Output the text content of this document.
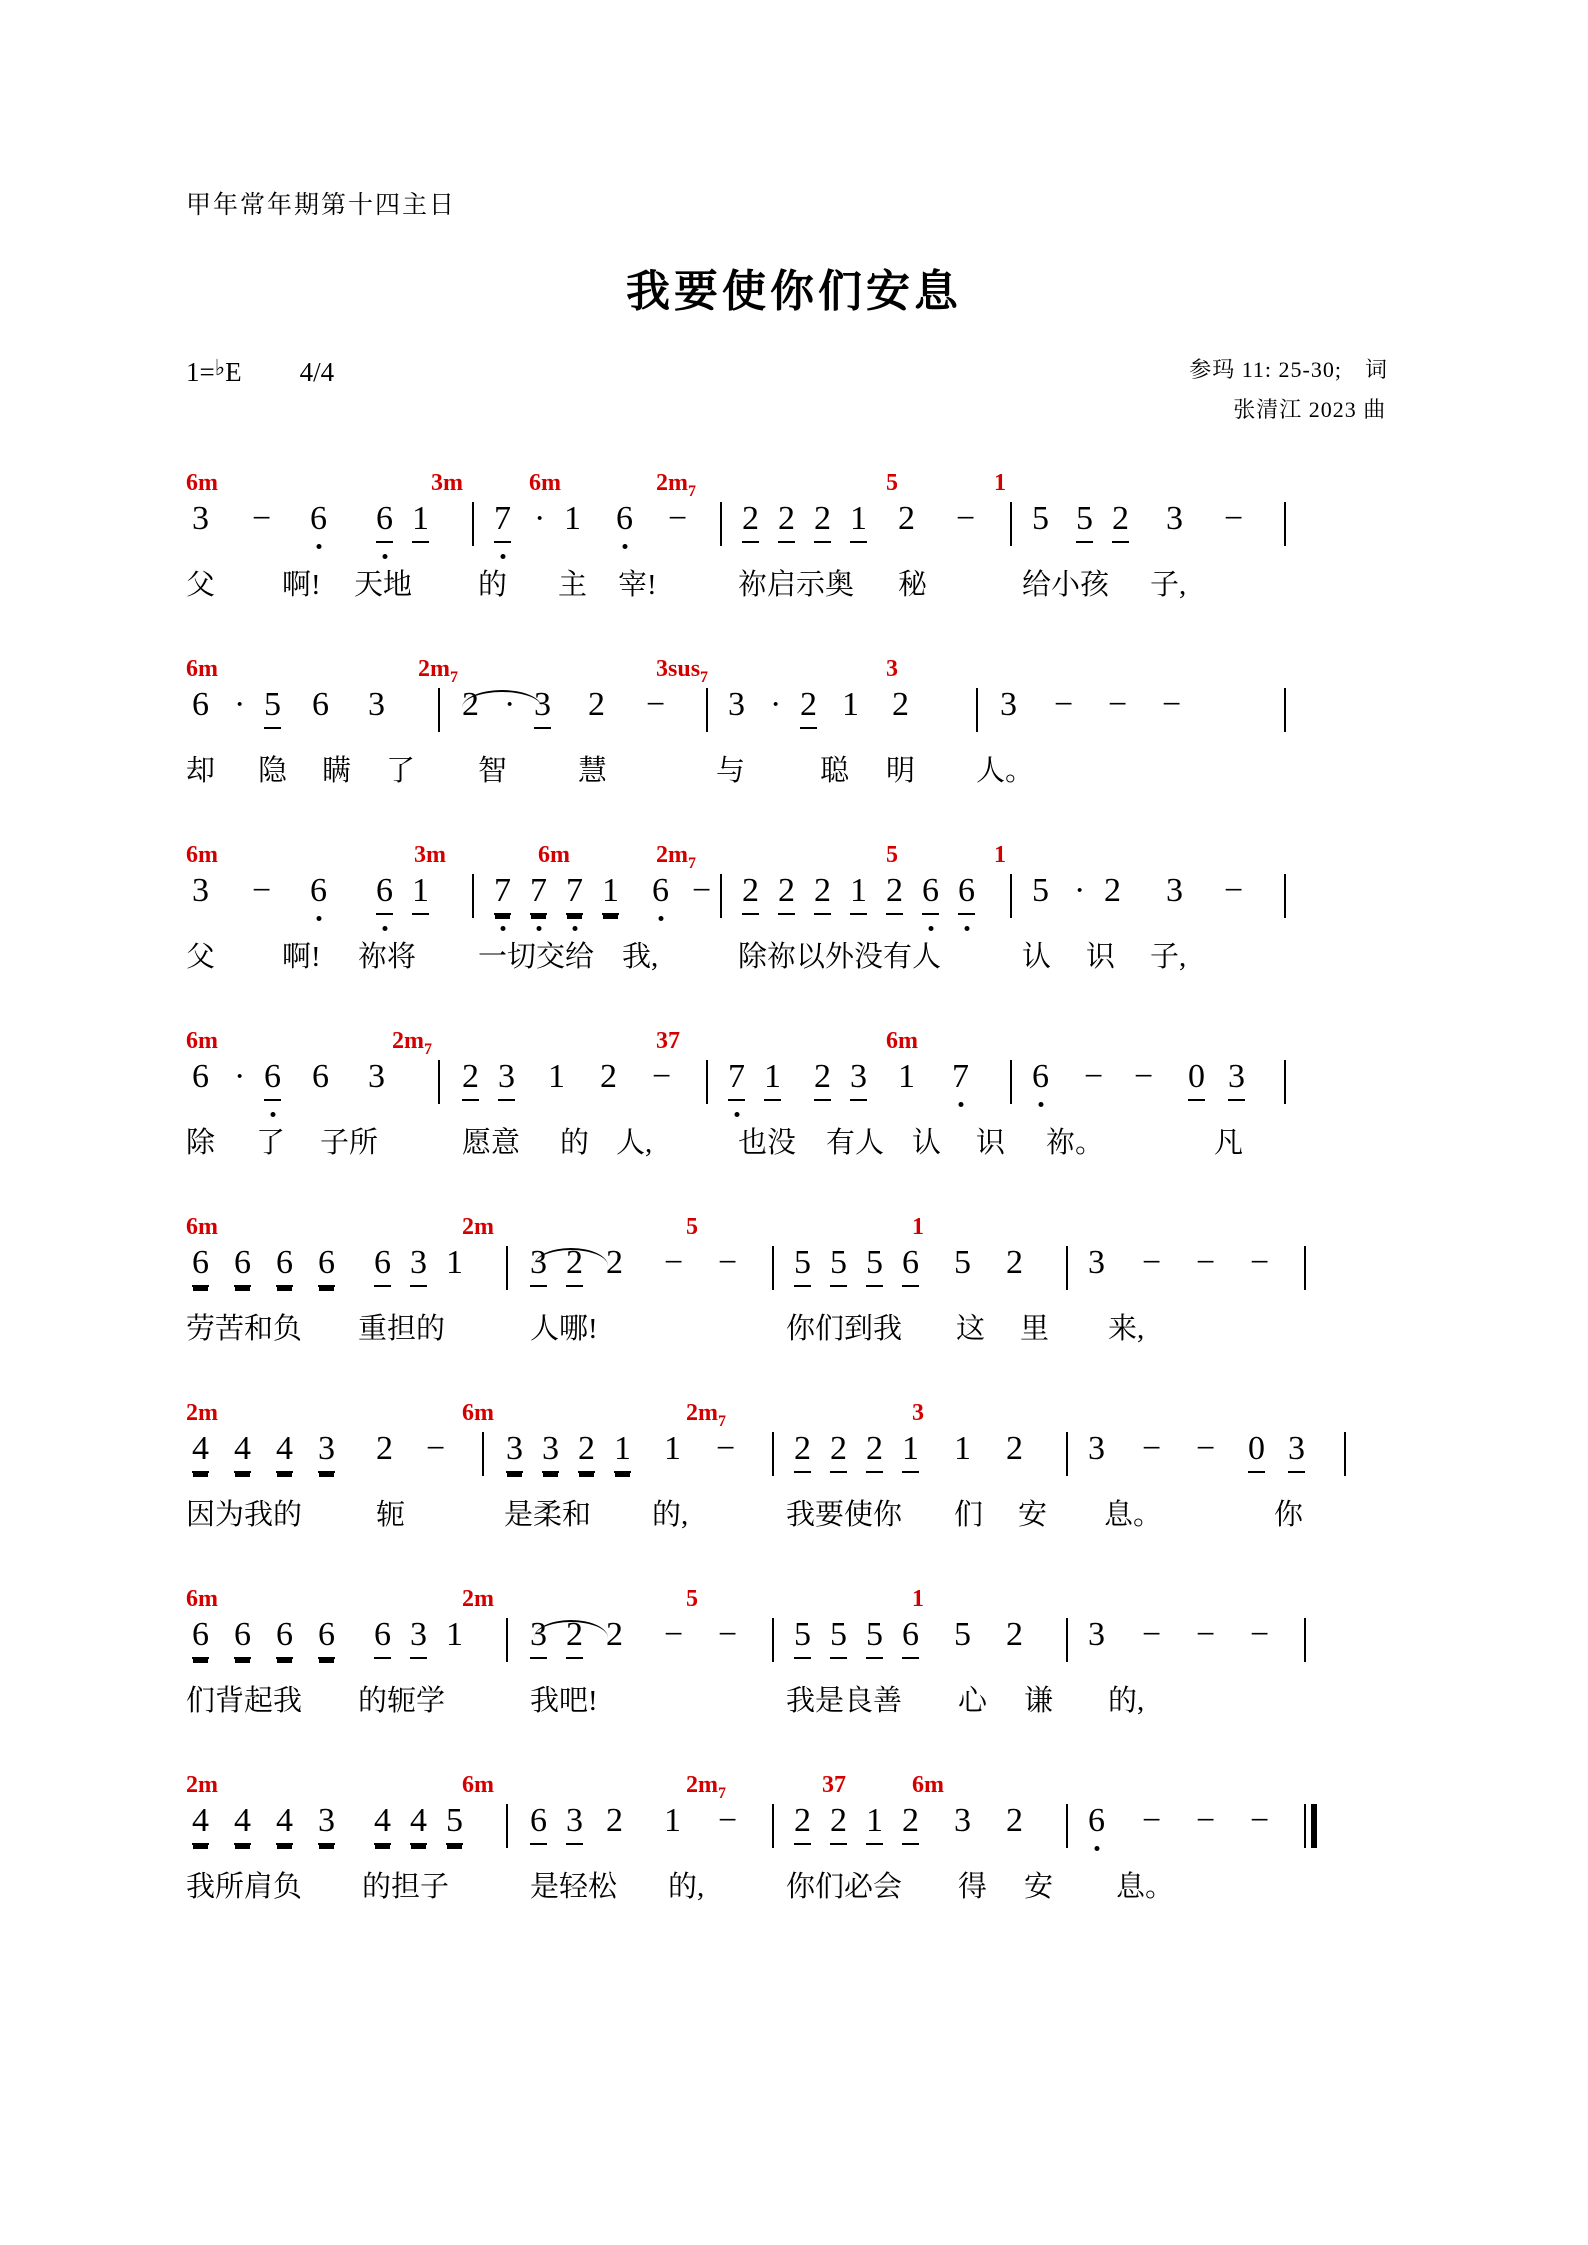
甲年常年期第十四主日
我要使你们安息
1=♭E 4/4	参玛 11: 25-30;　词
张清江 2023 曲
6m	3m	6m	$2m_7$	5	1
3 − 6 6 1 7 · 1 6 − 2 2 2 1 2 − 5 5 2 3 −
父 啊! 天地 的 主 宰!	祢启示奥 秘	给小孩 子,
6m	$2m_7$	3sus$_7$	3
6 · 5 6 3 2 · 3 2 − 3 · 2 1 2	3 − − −
却 隐 瞒 了 智 慧	与	聪 明 人。
6m	3m	6m	$2m_7$	5	1
3 − 6 6 1 7 7 7 1 6 − 2 2 2 1 2 6 6 5 · 2 3 −
父 啊! 祢将 一切交给 我,	除祢以外没有人	认 识 子,
6m	$2m_7$	37	6m
6 · 6 6 3 2 3 1 2 − 7 1 2 3 1 7 6 − − 0 3
除 了 子所	愿意 的 人,	也没 有人 认 识 祢。	凡
6m	2m	5	1
6 6 6 6 6 3 1 3 2 2 − − 5 5 5 6 5 2 3 − − −
劳苦和负 重担的	人哪!	你们到我 这 里 来,
2m	6m	$2m_7$	3
4 4 4 3 2 − 3 3 2 1 1 − 2 2 2 1 1 2 3 − − 0 3
因为我的	轭	是柔和 的,	我要使你 们 安 息。	你
6m	2m	5	1
6 6 6 6 6 3 1 3 2 2 − − 5 5 5 6 5 2 3 − − −
们背起我 的轭学	我吧!	我是良善 心 谦 的,
2m	6m	$2m_7$	37	6m
4 4 4 3 4 4 5 6 3 2 1 − 2 2 1 2 3 2 6 − − −
我所肩负 的担子	是轻松 的,	你们必会 得 安 息。
